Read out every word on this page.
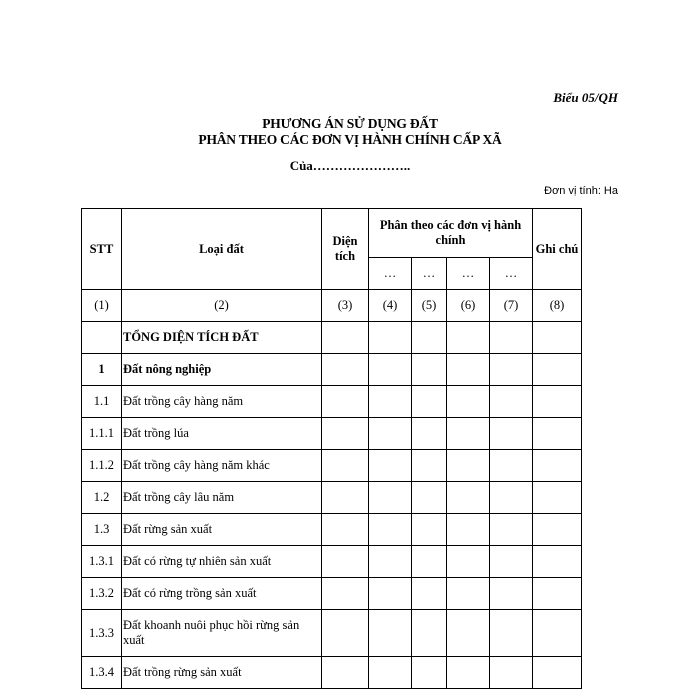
Biểu 05/QH
PHƯƠNG ÁN SỬ DỤNG ĐẤT
PHÂN THEO CÁC ĐƠN VỊ HÀNH CHÍNH CẤP XÃ
Của…………………..
Đơn vị tính: Ha
STT	Loại đất	Diện tích	Phân theo các đơn vị hành chính				Ghi chú
			…	…	…	…	
(1)	(2)	(3)	(4)	(5)	(6)	(7)	(8)
	TỔNG DIỆN TÍCH ĐẤT						
1	Đất nông nghiệp						
1.1	Đất trồng cây hàng năm						
1.1.1	Đất trồng lúa						
1.1.2	Đất trồng cây hàng năm khác						
1.2	Đất trồng cây lâu năm						
1.3	Đất rừng sản xuất						
1.3.1	Đất có rừng tự nhiên sản xuất						
1.3.2	Đất có rừng trồng sản xuất						
1.3.3	Đất khoanh nuôi phục hồi rừng sản xuất						
1.3.4	Đất trồng rừng sản xuất						
